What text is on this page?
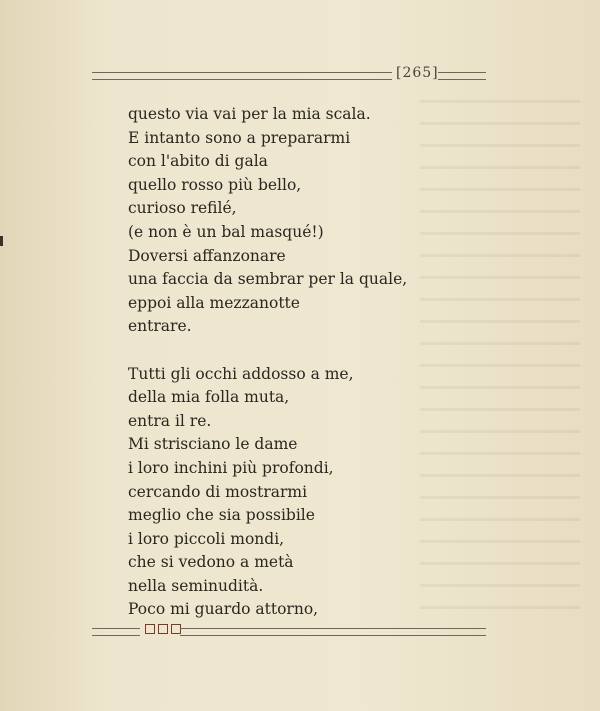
[265]
questo via vai per la mia scala.
E intanto sono a prepararmi
con l'abito di gala
quello rosso più bello,
curioso refilé,
(e non è un bal masqué!)
Doversi affanzonare
una faccia da sembrar per la quale,
eppoi alla mezzanotte
entrare.
Tutti gli occhi addosso a me,
della mia folla muta,
entra il re.
Mi strisciano le dame
i loro inchini più profondi,
cercando di mostrarmi
meglio che sia possibile
i loro piccoli mondi,
che si vedono a metà
nella seminudità.
Poco mi guardo attorno,
